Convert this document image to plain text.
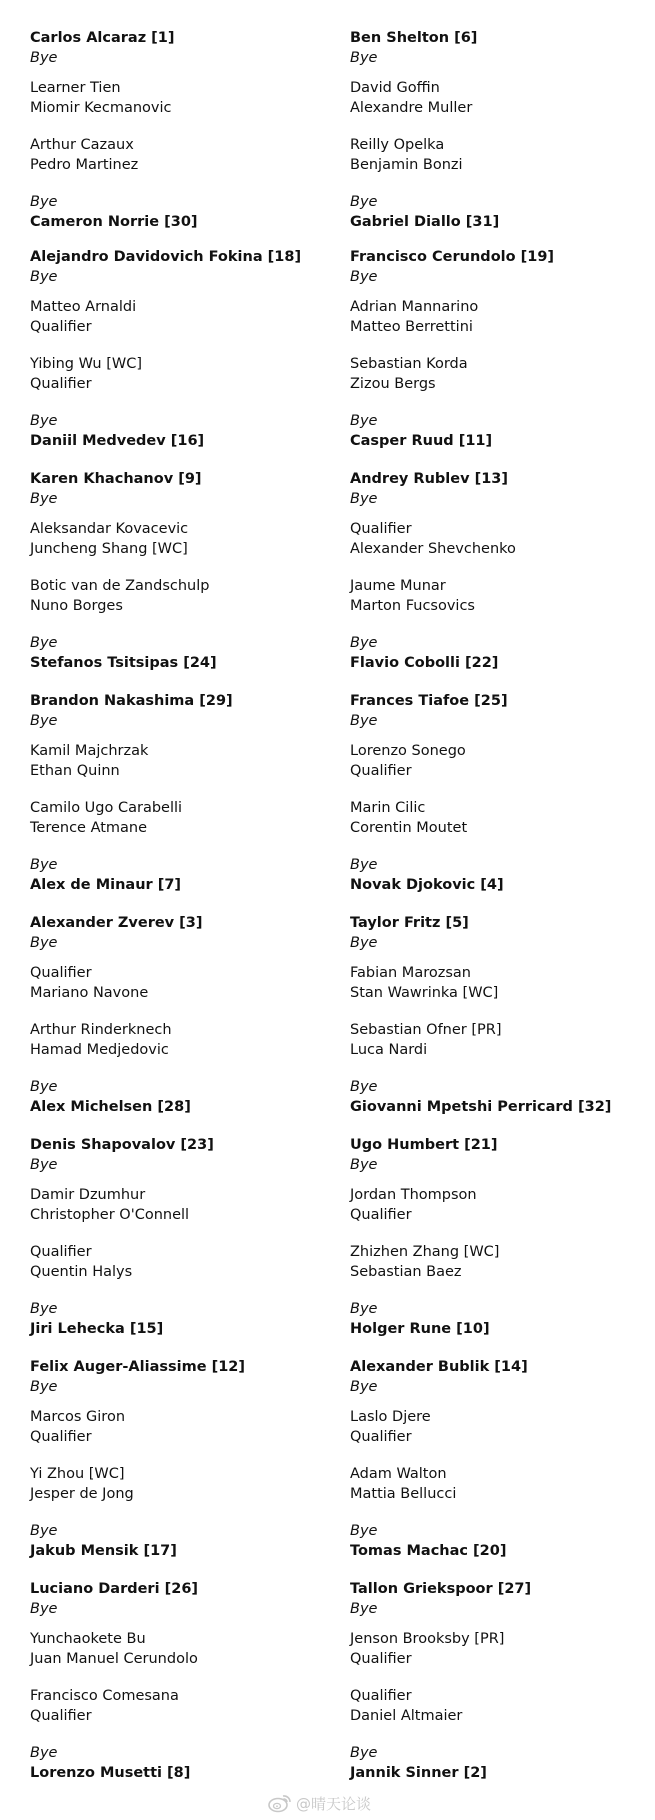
Carlos Alcaraz [1]
Bye
Learner Tien
Miomir Kecmanovic
Arthur Cazaux
Pedro Martinez
Bye
Cameron Norrie [30]
Alejandro Davidovich Fokina [18]
Bye
Matteo Arnaldi
Qualifier
Yibing Wu [WC]
Qualifier
Bye
Daniil Medvedev [16]
Karen Khachanov [9]
Bye
Aleksandar Kovacevic
Juncheng Shang [WC]
Botic van de Zandschulp
Nuno Borges
Bye
Stefanos Tsitsipas [24]
Brandon Nakashima [29]
Bye
Kamil Majchrzak
Ethan Quinn
Camilo Ugo Carabelli
Terence Atmane
Bye
Alex de Minaur [7]
Alexander Zverev [3]
Bye
Qualifier
Mariano Navone
Arthur Rinderknech
Hamad Medjedovic
Bye
Alex Michelsen [28]
Denis Shapovalov [23]
Bye
Damir Dzumhur
Christopher O'Connell
Qualifier
Quentin Halys
Bye
Jiri Lehecka [15]
Felix Auger-Aliassime [12]
Bye
Marcos Giron
Qualifier
Yi Zhou [WC]
Jesper de Jong
Bye
Jakub Mensik [17]
Luciano Darderi [26]
Bye
Yunchaokete Bu
Juan Manuel Cerundolo
Francisco Comesana
Qualifier
Bye
Lorenzo Musetti [8]
Ben Shelton [6]
Bye
David Goffin
Alexandre Muller
Reilly Opelka
Benjamin Bonzi
Bye
Gabriel Diallo [31]
Francisco Cerundolo [19]
Bye
Adrian Mannarino
Matteo Berrettini
Sebastian Korda
Zizou Bergs
Bye
Casper Ruud [11]
Andrey Rublev [13]
Bye
Qualifier
Alexander Shevchenko
Jaume Munar
Marton Fucsovics
Bye
Flavio Cobolli [22]
Frances Tiafoe [25]
Bye
Lorenzo Sonego
Qualifier
Marin Cilic
Corentin Moutet
Bye
Novak Djokovic [4]
Taylor Fritz [5]
Bye
Fabian Marozsan
Stan Wawrinka [WC]
Sebastian Ofner [PR]
Luca Nardi
Bye
Giovanni Mpetshi Perricard [32]
Ugo Humbert [21]
Bye
Jordan Thompson
Qualifier
Zhizhen Zhang [WC]
Sebastian Baez
Bye
Holger Rune [10]
Alexander Bublik [14]
Bye
Laslo Djere
Qualifier
Adam Walton
Mattia Bellucci
Bye
Tomas Machac [20]
Tallon Griekspoor [27]
Bye
Jenson Brooksby [PR]
Qualifier
Qualifier
Daniel Altmaier
Bye
Jannik Sinner [2]
@晴天论谈
